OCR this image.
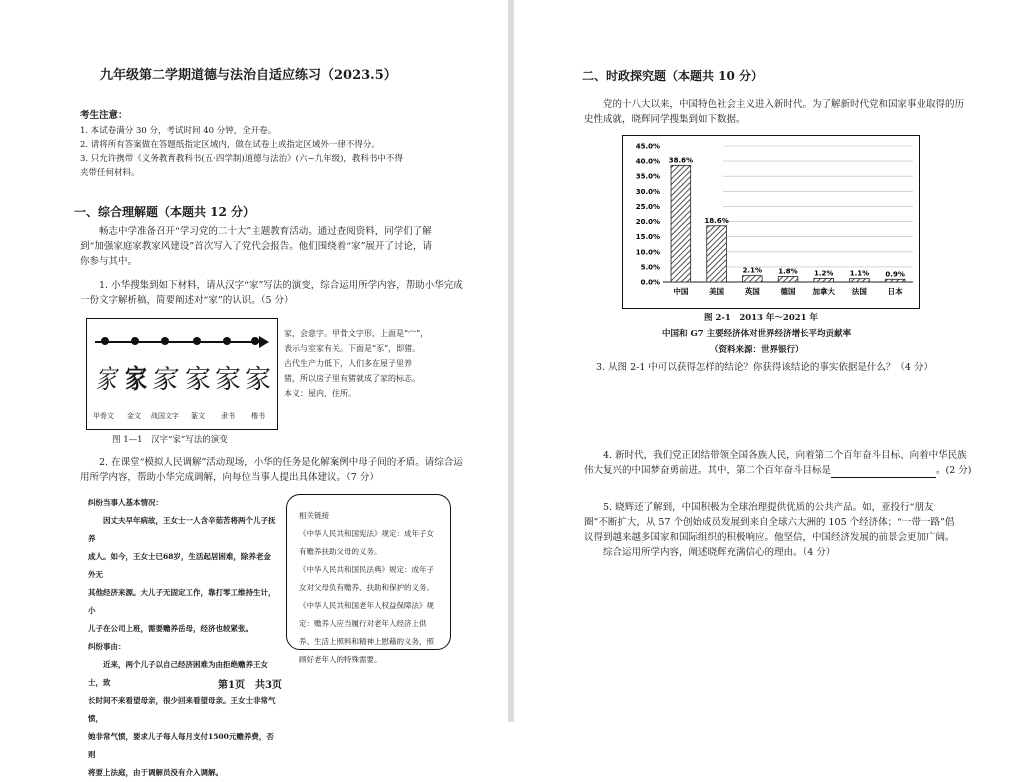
九年级第二学期道德与法治自适应练习（2023.5）
考生注意：
1. 本试卷满分 30 分，考试时间 40 分钟，全开卷。
2. 请将所有答案做在答题纸指定区域内，做在试卷上或指定区域外一律不得分。
3. 只允许携带《义务教育教科书(五·四学制)道德与法治》(六~九年级)，教科书中不得
夹带任何材料。
一、综合理解题（本题共 12 分）
畅志中学准备召开“学习党的二十大”主题教育活动。通过查阅资料，同学们了解
到“加强家庭家教家风建设”首次写入了党代会报告。他们围绕着“家”展开了讨论，请
你参与其中。
1. 小华搜集到如下材料，请从汉字“家”写法的演变，综合运用所学内容，帮助小华完成
一份文字解析稿，简要阐述对“家”的认识。（5 分）
家 家 家 家 家 家
甲骨文 金文 战国文字 篆文 隶书 楷书
家，会意字。甲骨文字形，上面是“宀”，
表示与室家有关。下面是“豕”，即猪。
古代生产力低下，人们多在屋子里养
猪，所以房子里有猪就成了家的标志。
本义：屋内，住所。
图 1—1　汉字“家”写法的演变
2. 在课堂“模拟人民调解”活动现场，小华的任务是化解案例中母子间的矛盾。请综合运
用所学内容，帮助小华完成调解，向每位当事人提出具体建议。（7 分）
纠纷当事人基本情况：
因丈夫早年病故，王女士一人含辛茹苦将两个儿子抚养
成人。如今，王女士已68岁，生活起居困难，除养老金外无
其他经济来源。大儿子无固定工作，靠打零工维持生计，小
儿子在公司上班，需要赡养岳母，经济也较紧张。
纠纷事由：
近来，两个儿子以自己经济困难为由拒绝赡养王女士，致
长时间不来看望母亲，很少回来看望母亲。王女士非常气愤，
她非常气愤，要求儿子每人每月支付1500元赡养费，否则
将要上法庭，由于调解员没有介入调解。
相关链接
《中华人民共和国宪法》规定：成年子女
有赡养扶助父母的义务。
《中华人民共和国民法典》规定：成年子
女对父母负有赡养、扶助和保护的义务。
《中华人民共和国老年人权益保障法》规
定：赡养人应当履行对老年人经济上供
养、生活上照料和精神上慰藉的义务，照
顾好老年人的特殊需要。
第1页　共3页
二、时政探究题（本题共 10 分）
党的十八大以来，中国特色社会主义进入新时代。为了解新时代党和国家事业取得的历
史性成就，晓辉同学搜集到如下数据。
0.0%
5.0%
10.0%
15.0%
20.0%
25.0%
30.0%
35.0%
40.0%
45.0%
38.6%
18.6%
2.1% 1.8% 1.2% 1.1% 0.9%
中国	美国	英国	德国 加拿大 法国	日本
图 2-1　2013 年～2021 年
中国和 G7 主要经济体对世界经济增长平均贡献率
（资料来源：世界银行）
3. 从图 2-1 中可以获得怎样的结论？你获得该结论的事实依据是什么？（4 分）
4. 新时代，我们党正团结带领全国各族人民，向着第二个百年奋斗目标、向着中华民族
伟大复兴的中国梦奋勇前进。其中，第二个百年奋斗目标是	。(2 分)
5. 晓辉还了解到，中国积极为全球治理提供优质的公共产品。如，亚投行“朋友
圈”不断扩大，从 57 个创始成员发展到来自全球六大洲的 105 个经济体；“一带一路”倡
议得到越来越多国家和国际组织的积极响应。他坚信，中国经济发展的前景会更加广阔。
综合运用所学内容，阐述晓辉充满信心的理由。（4 分）
